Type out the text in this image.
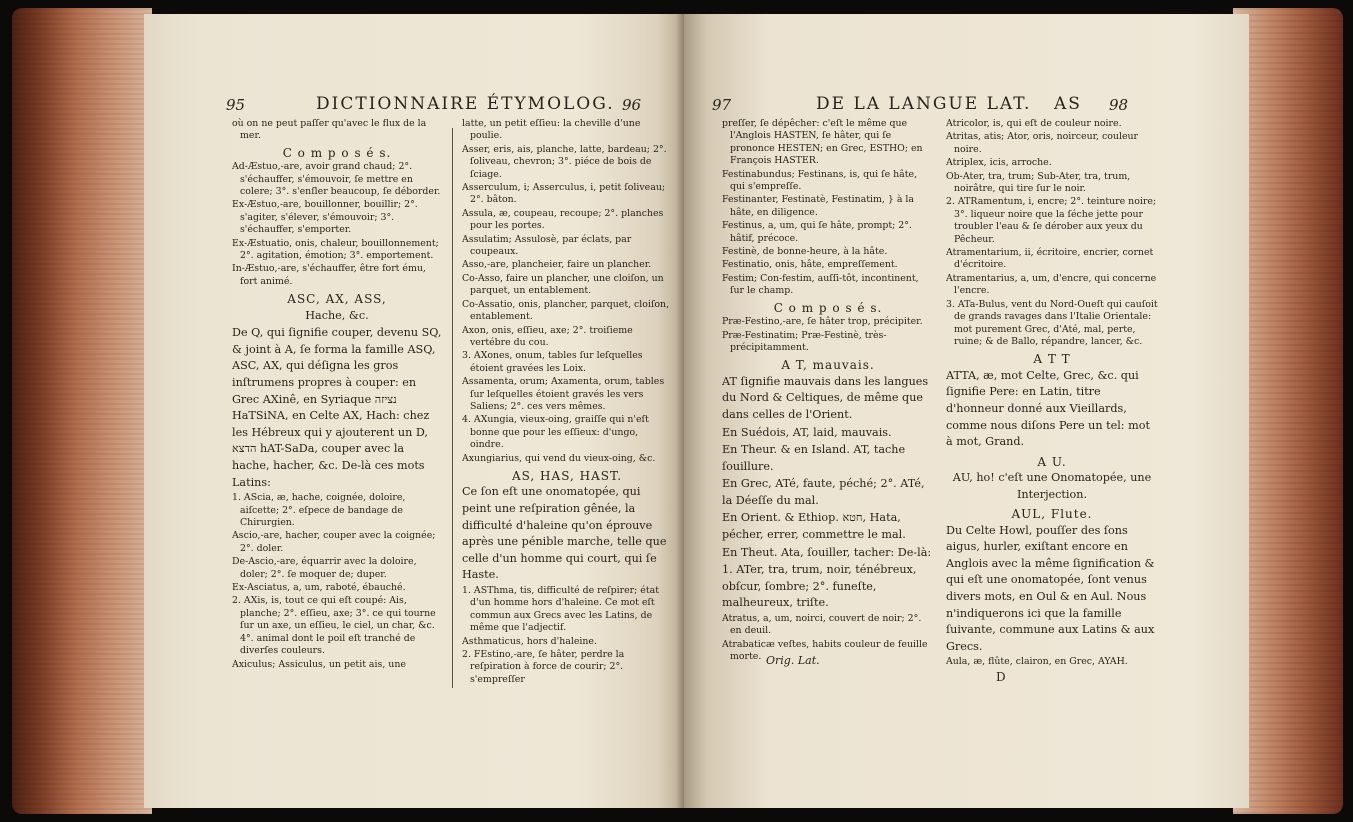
95	DICTIONNAIRE ÉTYMOLOG. 96

où on ne peut paſſer qu'avec le flux de la mer.

C o m p o s é s.

Ad-Æstuo,-are, avoir grand chaud; 2°. s'échauffer, s'émouvoir, ſe mettre en colere; 3°. s'enſler beaucoup, ſe déborder.

Ex-Æstuo,-are, bouillonner, bouillir; 2°. s'agiter, s'élever, s'émouvoir; 3°. s'échauffer, s'emporter.

Ex-Æstuatio, onis, chaleur, bouillonnement; 2°. agitation, émotion; 3°. emportement.

In-Æstuo,-are, s'échauffer, être fort ému, fort animé.

ASC, AX, ASS,

Hache, &c.

De Q, qui ſignifie couper, devenu SQ, & joint à A, ſe forma la famille ASQ, ASC, AX, qui déſigna les gros inſtrumens propres à couper: en Grec AXinê, en Syriaque נציזה HaTSiNA, en Celte AX, Hach: chez les Hébreux qui y ajouterent un D, הדצא hAT-SaDa, couper avec la hache, hacher, &c. De-là ces mots Latins:

1. AScia, æ, hache, coignée, doloire, aiſcette; 2°. eſpece de bandage de Chirurgien.

Ascio,-are, hacher, couper avec la coignée; 2°. doler.

De-Ascio,-are, équarrir avec la doloire, doler; 2°. ſe moquer de; duper.

Ex-Asciatus, a, um, raboté, ébauché.

2. AXis, is, tout ce qui eſt coupé: Ais, planche; 2°. eſſieu, axe; 3°. ce qui tourne ſur un axe, un eſſieu, le ciel, un char, &c. 4°. animal dont le poil eſt tranché de diverſes couleurs.

Axiculus; Assiculus, un petit ais, une

latte, un petit eſſieu: la cheville d'une poulie.

Asser, eris, ais, planche, latte, bardeau; 2°. ſoliveau, chevron; 3°. piéce de bois de ſciage.

Asserculum, i; Asserculus, i, petit ſoliveau; 2°. bâton.

Assula, æ, coupeau, recoupe; 2°. planches pour les portes.

Assulatim; Assulosè, par éclats, par coupeaux.

Asso,-are, plancheier, faire un plancher.

Co-Asso, faire un plancher, une cloiſon, un parquet, un entablement.

Co-Assatio, onis, plancher, parquet, cloiſon, entablement.

Axon, onis, eſſieu, axe; 2°. troiſieme vertébre du cou.

3. AXones, onum, tables ſur leſquelles étoient gravées les Loix.

Assamenta, orum; Axamenta, orum, tables ſur leſquelles étoient gravés les vers Saliens; 2°. ces vers mêmes.

4. AXungia, vieux-oing, graiſſe qui n'eſt bonne que pour les eſſieux: d'ungo, oindre.

Axungiarius, qui vend du vieux-oing, &c.

AS, HAS, HAST.

Ce ſon eſt une onomatopée, qui peint une reſpiration gênée, la difficulté d'haleine qu'on éprouve après une pénible marche, telle que celle d'un homme qui court, qui ſe Haste.

1. ASThma, tis, difficulté de reſpirer; état d'un homme hors d'haleine. Ce mot eſt commun aux Grecs avec les Latins, de même que l'adjectif.

Asthmaticus, hors d'haleine.

2. FEstino,-are, ſe hâter, perdre la reſpiration à force de courir; 2°. s'empreſſer

97	DE LA LANGUE LAT. AS 98

preſſer, ſe dépêcher: c'eſt le même que l'Anglois HASTEN, ſe hâter, qui ſe prononce HESTEN; en Grec, ESTHO; en François HASTER.

Festinabundus; Festinans, is, qui ſe hâte, qui s'empreſſe.

Festinanter, Festinatè, Festinatim, } à la hâte, en diligence.

Festinus, a, um, qui ſe hâte, prompt; 2°. hâtif, précoce.

Festinè, de bonne-heure, à la hâte.

Festinatio, onis, hâte, empreſſement.

Festim; Con-festim, auſſi-tôt, incontinent, ſur le champ.

C o m p o s é s.

Præ-Festino,-are, ſe hâter trop, précipiter.

Præ-Festinatim; Præ-Festinè, très-précipitamment.

A T, mauvais.

AT ſignifie mauvais dans les langues du Nord & Celtiques, de même que dans celles de l'Orient.

En Suédois, AT, laid, mauvais.

En Theur. & en Island. AT, tache ſouillure.

En Grec, ATé, faute, péché; 2°. ATé, la Déeſſe du mal.

En Orient. & Ethiop. חטא, Hata, pécher, errer, commettre le mal.

En Theut. Ata, ſouiller, tacher: De-là:

1. ATer, tra, trum, noir, ténébreux, obſcur, ſombre; 2°. funeſte, malheureux, triſte.

Atratus, a, um, noirci, couvert de noir; 2°. en deuil.

Atrabaticæ veſtes, habits couleur de feuille morte.

Atricolor, is, qui eſt de couleur noire.

Atritas, atis; Ator, oris, noirceur, couleur noire.

Atriplex, icis, arroche.

Ob-Ater, tra, trum; Sub-Ater, tra, trum, noirâtre, qui tire ſur le noir.

2. ATRamentum, i, encre; 2°. teinture noire; 3°. liqueur noire que la ſéche jette pour troubler l'eau & ſe dérober aux yeux du Pêcheur.

Atramentarium, ii, écritoire, encrier, cornet d'écritoire.

Atramentarius, a, um, d'encre, qui concerne l'encre.

3. ATa-Bulus, vent du Nord-Oueſt qui cauſoit de grands ravages dans l'Italie Orientale: mot purement Grec, d'Até, mal, perte, ruine; & de Ballo, répandre, lancer, &c.

A T T

ATTA, æ, mot Celte, Grec, &c. qui ſignifie Pere: en Latin, titre d'honneur donné aux Vieillards, comme nous diſons Pere un tel: mot à mot, Grand.

A U.

AU, ho! c'eſt une Onomatopée, une Interjection.

AUL, Flute.

Du Celte Howl, pouſſer des ſons aigus, hurler, exiſtant encore en Anglois avec la même ſignification & qui eſt une onomatopée, ſont venus divers mots, en Oul & en Aul. Nous n'indiquerons ici que la famille ſuivante, commune aux Latins & aux Grecs.

Aula, æ, flûte, clairon, en Grec, AYAH.

Orig. Lat.
D
